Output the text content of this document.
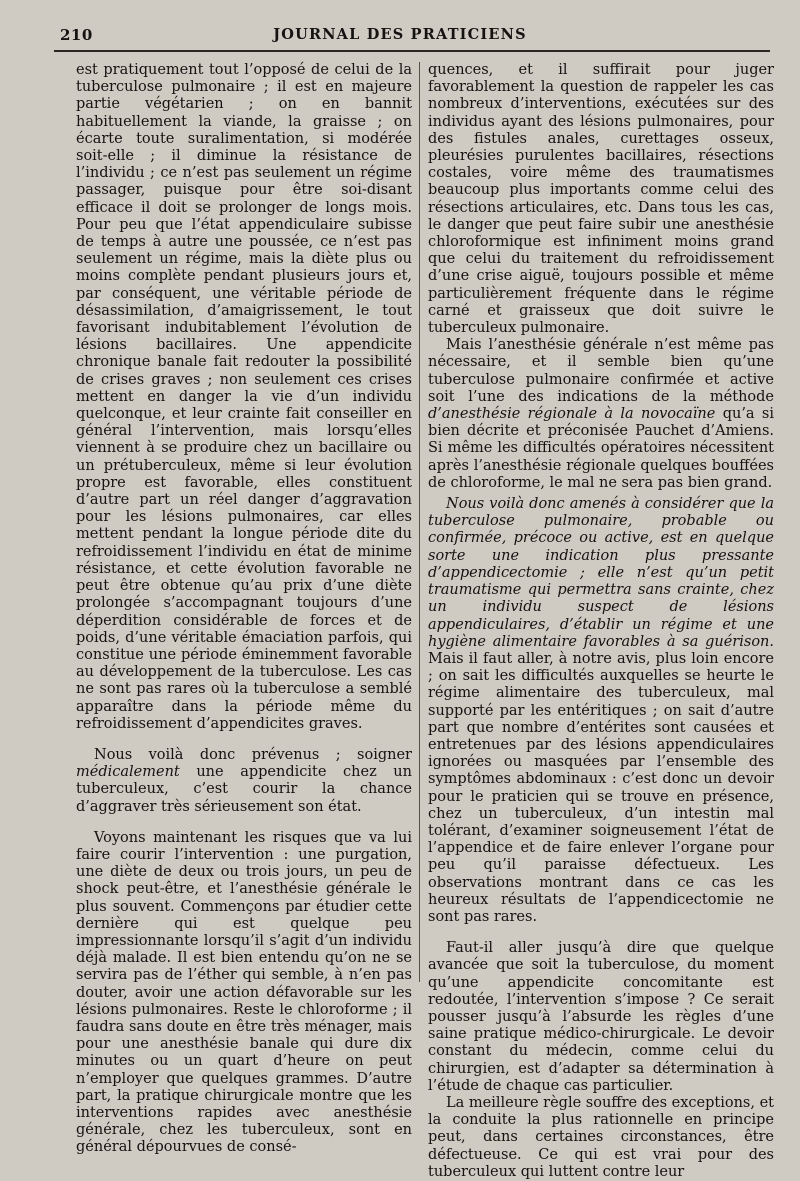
210	JOURNAL DES PRATICIENS

est pratiquement tout l’opposé de celui de la tuberculose pulmonaire ; il est en majeure partie végétarien ; on en bannit habituellement la viande, la graisse ; on écarte toute suralimentation, si modérée soit-elle ; il diminue la résistance de l’individu ; ce n’est pas seulement un régime passager, puisque pour être soi-disant efficace il doit se prolonger de longs mois. Pour peu que l’état appendiculaire subisse de temps à autre une poussée, ce n’est pas seulement un régime, mais la diète plus ou moins complète pendant plusieurs jours et, par conséquent, une véritable période de désassimilation, d’amaigrissement, le tout favorisant indubitablement l’évolution de lésions bacillaires. Une appendicite chronique banale fait redouter la possibilité de crises graves ; non seulement ces crises mettent en danger la vie d’un individu quelconque, et leur crainte fait conseiller en général l’intervention, mais lorsqu’elles viennent à se produire chez un bacillaire ou un prétuberculeux, même si leur évolution propre est favorable, elles constituent d’autre part un réel danger d’aggravation pour les lésions pulmonaires, car elles mettent pendant la longue période dite du refroidissement l’individu en état de minime résistance, et cette évolution favorable ne peut être obtenue qu’au prix d’une diète prolongée s’accompagnant toujours d’une déperdition considérable de forces et de poids, d’une véritable émaciation parfois, qui constitue une période éminemment favorable au développement de la tuberculose. Les cas ne sont pas rares où la tuberculose a semblé apparaître dans la période même du refroidissement d’appendicites graves.

Nous voilà donc prévenus ; soigner médicalement une appendicite chez un tuberculeux, c’est courir la chance d’aggraver très sérieusement son état.

Voyons maintenant les risques que va lui faire courir l’intervention : une purgation, une diète de deux ou trois jours, un peu de shock peut-être, et l’anesthésie générale le plus souvent. Commençons par étudier cette dernière qui est quelque peu impressionnante lorsqu’il s’agit d’un individu déjà malade. Il est bien entendu qu’on ne se servira pas de l’éther qui semble, à n’en pas douter, avoir une action défavorable sur les lésions pulmonaires. Reste le chloroforme ; il faudra sans doute en être très ménager, mais pour une anesthésie banale qui dure dix minutes ou un quart d’heure on peut n’employer que quelques grammes. D’autre part, la pratique chirurgicale montre que les interventions rapides avec anesthésie générale, chez les tuberculeux, sont en général dépourvues de consé-

quences, et il suffirait pour juger favorablement la question de rappeler les cas nombreux d’interventions, exécutées sur des individus ayant des lésions pulmonaires, pour des fistules anales, curettages osseux, pleurésies purulentes bacillaires, résections costales, voire même des traumatismes beaucoup plus importants comme celui des résections articulaires, etc. Dans tous les cas, le danger que peut faire subir une anesthésie chloroformique est infiniment moins grand que celui du traitement du refroidissement d’une crise aiguë, toujours possible et même particulièrement fréquente dans le régime carné et graisseux que doit suivre le tuberculeux pulmonaire.

Mais l’anesthésie générale n’est même pas nécessaire, et il semble bien qu’une tuberculose pulmonaire confirmée et active soit l’une des indications de la méthode d’anesthésie régionale à la novocaïne qu’a si bien décrite et préconisée Pauchet d’Amiens. Si même les difficultés opératoires nécessitent après l’anesthésie régionale quelques bouffées de chloroforme, le mal ne sera pas bien grand.

Nous voilà donc amenés à considérer que la tuberculose pulmonaire, probable ou confirmée, précoce ou active, est en quelque sorte une indication plus pressante d’appendicectomie ; elle n’est qu’un petit traumatisme qui permettra sans crainte, chez un individu suspect de lésions appendiculaires, d’établir un régime et une hygiène alimentaire favorables à sa guérison. Mais il faut aller, à notre avis, plus loin encore ; on sait les difficultés auxquelles se heurte le régime alimentaire des tuberculeux, mal supporté par les entéritiques ; on sait d’autre part que nombre d’entérites sont causées et entretenues par des lésions appendiculaires ignorées ou masquées par l’ensemble des symptômes abdominaux : c’est donc un devoir pour le praticien qui se trouve en présence, chez un tuberculeux, d’un intestin mal tolérant, d’examiner soigneusement l’état de l’appendice et de faire enlever l’organe pour peu qu’il paraisse défectueux. Les observations montrant dans ce cas les heureux résultats de l’appendicectomie ne sont pas rares.

Faut-il aller jusqu’à dire que quelque avancée que soit la tuberculose, du moment qu’une appendicite concomitante est redoutée, l’intervention s’impose ? Ce serait pousser jusqu’à l’absurde les règles d’une saine pratique médico-chirurgicale. Le devoir constant du médecin, comme celui du chirurgien, est d’adapter sa détermination à l’étude de chaque cas particulier.

La meilleure règle souffre des exceptions, et la conduite la plus rationnelle en principe peut, dans certaines circonstances, être défectueuse. Ce qui est vrai pour des tuberculeux qui luttent contre leur
